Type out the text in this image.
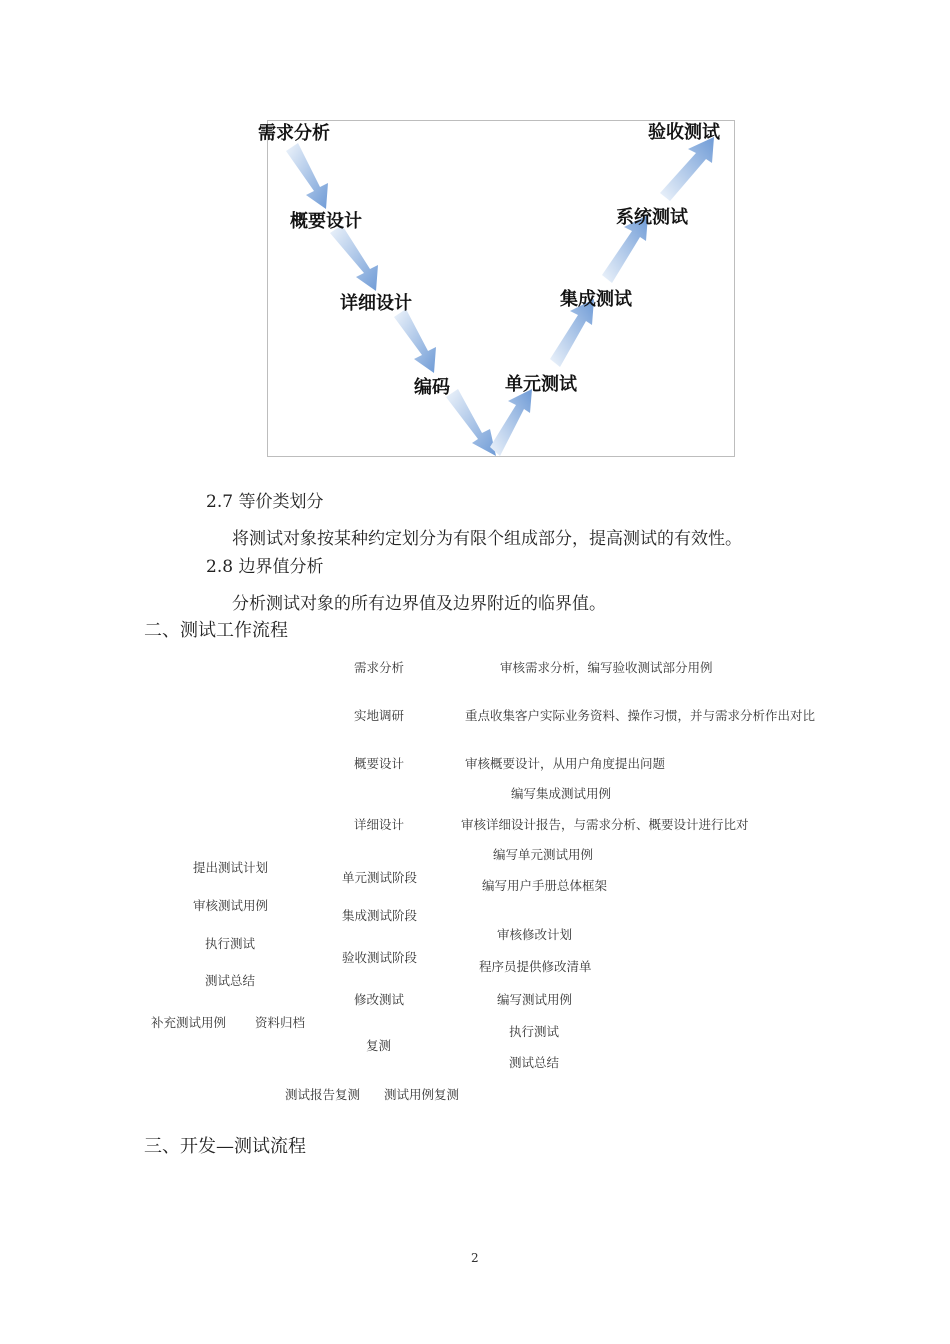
需求分析
概要设计
详细设计
编码	单元测试
集成测试
系统测试
验收测试
2.7 等价类划分
将测试对象按某种约定划分为有限个组成部分，提高测试的有效性。
2.8 边界值分析
分析测试对象的所有边界值及边界附近的临界值。
二、测试工作流程
需求分析
实地调研
概要设计
详细设计
单元测试阶段
集成测试阶段
验收测试阶段
修改测试
复测
审核需求分析，编写验收测试部分用例
重点收集客户实际业务资料、操作习惯，并与需求分析作出对比
审核概要设计，从用户角度提出问题
编写集成测试用例
审核详细设计报告，与需求分析、概要设计进行比对
编写单元测试用例
编写用户手册总体框架
审核修改计划
程序员提供修改清单
编写测试用例
执行测试
测试总结
提出测试计划
审核测试用例
执行测试
测试总结
补充测试用例 资料归档
测试报告复测 测试用例复测
三、开发—测试流程
2
